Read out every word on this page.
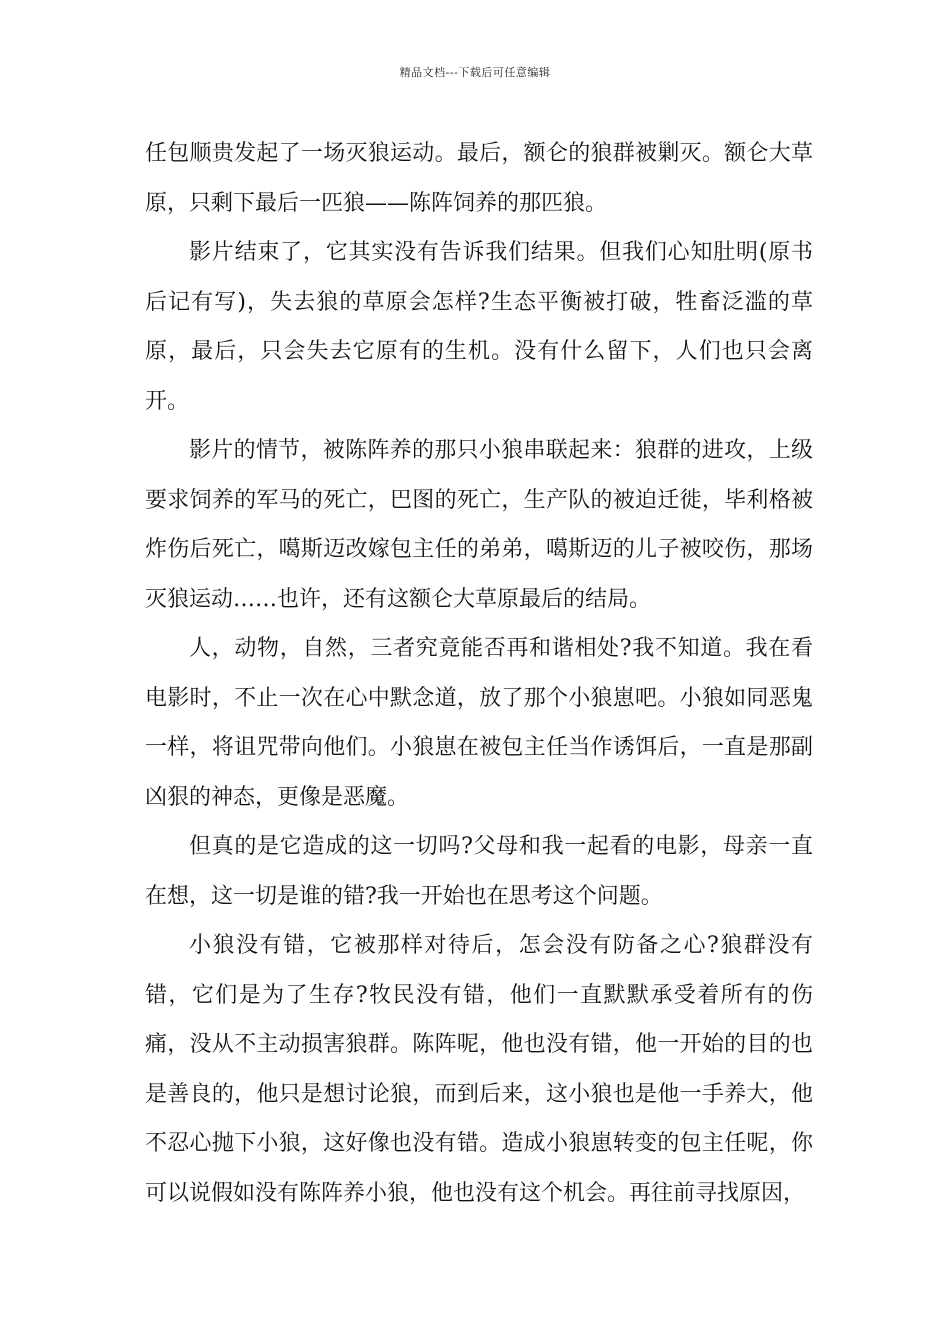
精品文档---下载后可任意编辑

任包顺贵发起了一场灭狼运动。最后，额仑的狼群被剿灭。额仑大草原，只剩下最后一匹狼——陈阵饲养的那匹狼。

影片结束了，它其实没有告诉我们结果。但我们心知肚明(原书后记有写)，失去狼的草原会怎样?生态平衡被打破，牲畜泛滥的草原，最后，只会失去它原有的生机。没有什么留下，人们也只会离开。

影片的情节，被陈阵养的那只小狼串联起来：狼群的进攻，上级要求饲养的军马的死亡，巴图的死亡，生产队的被迫迁徙，毕利格被炸伤后死亡，噶斯迈改嫁包主任的弟弟，噶斯迈的儿子被咬伤，那场灭狼运动……也许，还有这额仑大草原最后的结局。

人，动物，自然，三者究竟能否再和谐相处?我不知道。我在看电影时，不止一次在心中默念道，放了那个小狼崽吧。小狼如同恶鬼一样，将诅咒带向他们。小狼崽在被包主任当作诱饵后，一直是那副凶狠的神态，更像是恶魔。

但真的是它造成的这一切吗?父母和我一起看的电影，母亲一直在想，这一切是谁的错?我一开始也在思考这个问题。

小狼没有错，它被那样对待后，怎会没有防备之心?狼群没有错，它们是为了生存?牧民没有错，他们一直默默承受着所有的伤痛，没从不主动损害狼群。陈阵呢，他也没有错，他一开始的目的也是善良的，他只是想讨论狼，而到后来，这小狼也是他一手养大，他不忍心抛下小狼，这好像也没有错。造成小狼崽转变的包主任呢，你可以说假如没有陈阵养小狼，他也没有这个机会。再往前寻找原因，
